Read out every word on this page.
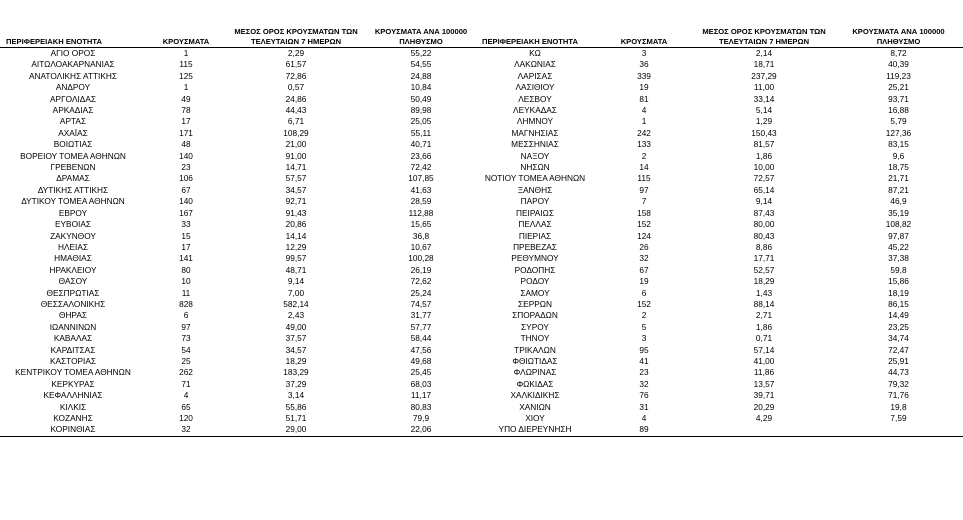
ΠΕΡΙΦΕΡΕΙΑΚΗ ΕΝΟΤΗΤΑ	ΚΡΟΥΣΜΑΤΑ	ΜΕΣΟΣ ΟΡΟΣ ΚΡΟΥΣΜΑΤΩΝ ΤΩΝ ΤΕΛΕΥΤΑΙΩΝ 7 ΗΜΕΡΩΝ	ΚΡΟΥΣΜΑΤΑ ΑΝΑ 100000 ΠΛΗΘΥΣΜΟ	ΠΕΡΙΦΕΡΕΙΑΚΗ ΕΝΟΤΗΤΑ	ΚΡΟΥΣΜΑΤΑ	ΜΕΣΟΣ ΟΡΟΣ ΚΡΟΥΣΜΑΤΩΝ ΤΩΝ ΤΕΛΕΥΤΑΙΩΝ 7 ΗΜΕΡΩΝ	ΚΡΟΥΣΜΑΤΑ ΑΝΑ 100000 ΠΛΗΘΥΣΜΟ
ΑΓΙΟ ΟΡΟΣ	1	2,29	55,22	ΚΩ	3	2,14	8,72
ΑΙΤΩΛΟΑΚΑΡΝΑΝΙΑΣ	115	61,57	54,55	ΛΑΚΩΝΙΑΣ	36	18,71	40,39
ΑΝΑΤΟΛΙΚΗΣ ΑΤΤΙΚΗΣ	125	72,86	24,88	ΛΑΡΙΣΑΣ	339	237,29	119,23
ΑΝΔΡΟΥ	1	0,57	10,84	ΛΑΣΙΘΙΟΥ	19	11,00	25,21
ΑΡΓΟΛΙΔΑΣ	49	24,86	50,49	ΛΕΣΒΟΥ	81	33,14	93,71
ΑΡΚΑΔΙΑΣ	78	44,43	89,98	ΛΕΥΚΑΔΑΣ	4	5,14	16,88
ΑΡΤΑΣ	17	6,71	25,05	ΛΗΜΝΟΥ	1	1,29	5,79
ΑΧΑΪΑΣ	171	108,29	55,11	ΜΑΓΝΗΣΙΑΣ	242	150,43	127,36
ΒΟΙΩΤΙΑΣ	48	21,00	40,71	ΜΕΣΣΗΝΙΑΣ	133	81,57	83,15
ΒΟΡΕΙΟΥ ΤΟΜΕΑ ΑΘΗΝΩΝ	140	91,00	23,66	ΝΑΞΟΥ	2	1,86	9,6
ΓΡΕΒΕΝΩΝ	23	14,71	72,42	ΝΗΣΩΝ	14	10,00	18,75
ΔΡΑΜΑΣ	106	57,57	107,85	ΝΟΤΙΟΥ ΤΟΜΕΑ ΑΘΗΝΩΝ	115	72,57	21,71
ΔΥΤΙΚΗΣ ΑΤΤΙΚΗΣ	67	34,57	41,63	ΞΑΝΘΗΣ	97	65,14	87,21
ΔΥΤΙΚΟΥ ΤΟΜΕΑ ΑΘΗΝΩΝ	140	92,71	28,59	ΠΑΡΟΥ	7	9,14	46,9
ΕΒΡΟΥ	167	91,43	112,88	ΠΕΙΡΑΙΩΣ	158	87,43	35,19
ΕΥΒΟΙΑΣ	33	20,86	15,65	ΠΕΛΛΑΣ	152	80,00	108,82
ΖΑΚΥΝΘΟΥ	15	14,14	36,8	ΠΙΕΡΙΑΣ	124	80,43	97,87
ΗΛΕΙΑΣ	17	12,29	10,67	ΠΡΕΒΕΖΑΣ	26	8,86	45,22
ΗΜΑΘΙΑΣ	141	99,57	100,28	ΡΕΘΥΜΝΟΥ	32	17,71	37,38
ΗΡΑΚΛΕΙΟΥ	80	48,71	26,19	ΡΟΔΟΠΗΣ	67	52,57	59,8
ΘΑΣΟΥ	10	9,14	72,62	ΡΟΔΟΥ	19	18,29	15,86
ΘΕΣΠΡΩΤΙΑΣ	11	7,00	25,24	ΣΑΜΟΥ	6	1,43	18,19
ΘΕΣΣΑΛΟΝΙΚΗΣ	828	582,14	74,57	ΣΕΡΡΩΝ	152	88,14	86,15
ΘΗΡΑΣ	6	2,43	31,77	ΣΠΟΡΑΔΩΝ	2	2,71	14,49
ΙΩΑΝΝΙΝΩΝ	97	49,00	57,77	ΣΥΡΟΥ	5	1,86	23,25
ΚΑΒΑΛΑΣ	73	37,57	58,44	ΤΗΝΟΥ	3	0,71	34,74
ΚΑΡΔΙΤΣΑΣ	54	34,57	47,56	ΤΡΙΚΑΛΩΝ	95	57,14	72,47
ΚΑΣΤΟΡΙΑΣ	25	18,29	49,68	ΦΘΙΩΤΙΔΑΣ	41	41,00	25,91
ΚΕΝΤΡΙΚΟΥ ΤΟΜΕΑ ΑΘΗΝΩΝ	262	183,29	25,45	ΦΛΩΡΙΝΑΣ	23	11,86	44,73
ΚΕΡΚΥΡΑΣ	71	37,29	68,03	ΦΩΚΙΔΑΣ	32	13,57	79,32
ΚΕΦΑΛΛΗΝΙΑΣ	4	3,14	11,17	ΧΑΛΚΙΔΙΚΗΣ	76	39,71	71,76
ΚΙΛΚΙΣ	65	55,86	80,83	ΧΑΝΙΩΝ	31	20,29	19,8
ΚΟΖΑΝΗΣ	120	51,71	79,9	ΧΙΟΥ	4	4,29	7,59
ΚΟΡΙΝΘΙΑΣ	32	29,00	22,06	ΥΠΟ ΔΙΕΡΕΥΝΗΣΗ	89		
